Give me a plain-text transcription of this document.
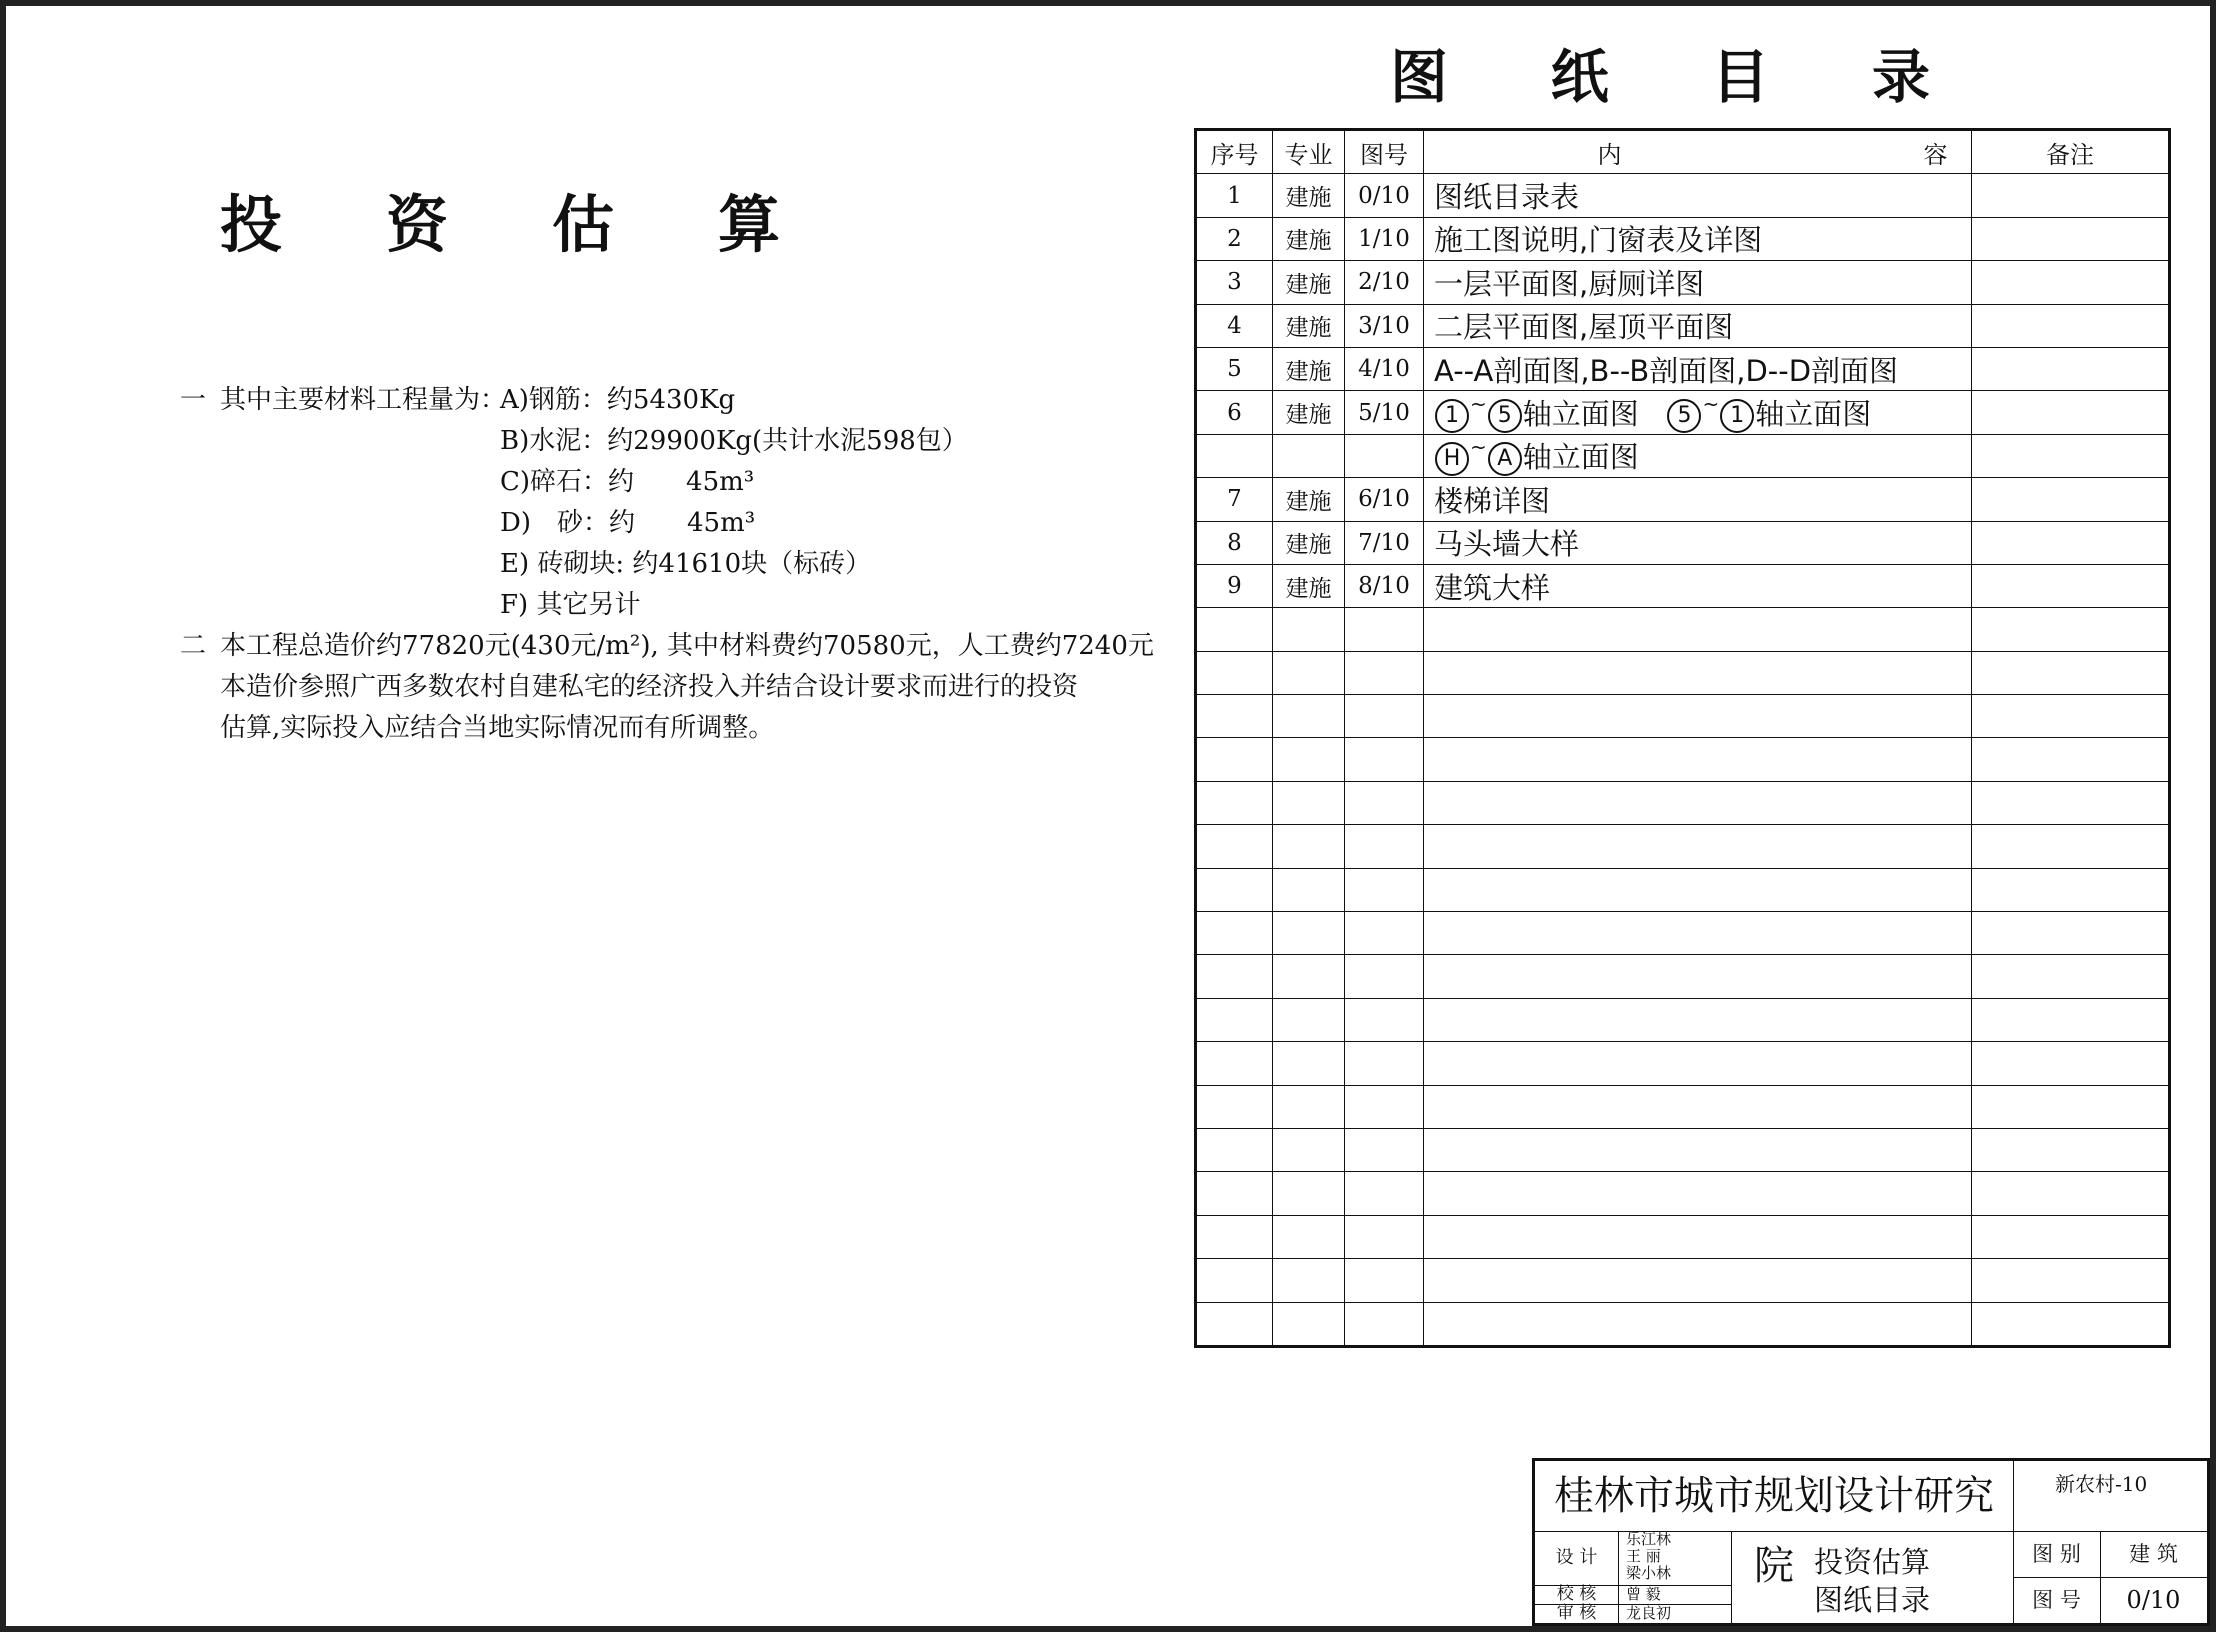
投 资 估 算
一 其中主要材料工程量为：
A)钢筋：约5430Kg
B)水泥：约29900Kg(共计水泥598包）
C)碎石：约　　45m³
D)　砂：约　　45m³
E) 砖砌块: 约41610块（标砖）
F) 其它另计
二 本工程总造价约77820元(430元/m²), 其中材料费约70580元，人工费约7240元
本造价参照广西多数农村自建私宅的经济投入并结合设计要求而进行的投资
估算,实际投入应结合当地实际情况而有所调整。
图 纸 目 录
序号	专业	图号	内 容	备注
1	建施	0/10	图纸目录表	
2	建施	1/10	施工图说明,门窗表及详图	
3	建施	2/10	一层平面图,厨厕详图	
4	建施	3/10	二层平面图,屋顶平面图	
5	建施	4/10	A--A剖面图,B--B剖面图,D--D剖面图	
6	建施	5/10	1 ~ 5 轴立面图 5 ~ 1 轴立面图	
			H ~ A 轴立面图	
7	建施	6/10	楼梯详图	
8	建施	7/10	马头墙大样	
9	建施	8/10	建筑大样	

桂林市城市规划设计研究院
新农村-10
设 计
乐江林
王 丽
梁小林
校 核	曾 毅
审 核	龙良初
投资估算
图纸目录
图 别	建 筑
图 号	0/10
